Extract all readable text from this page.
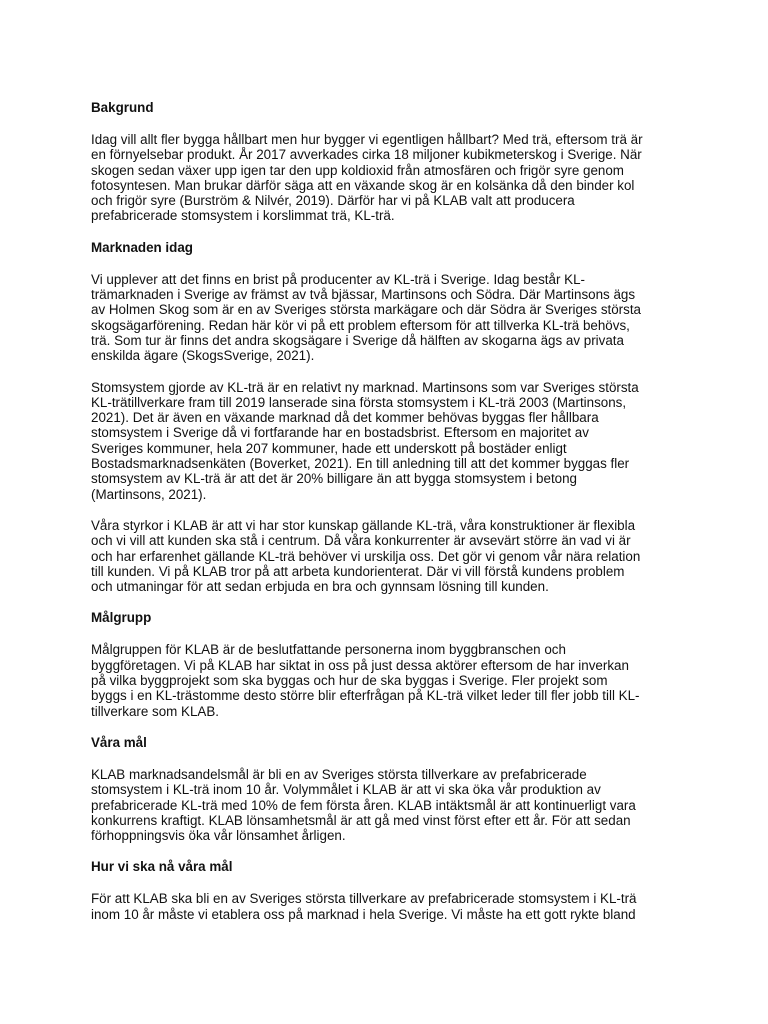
Bakgrund
Idag vill allt fler bygga hållbart men hur bygger vi egentligen hållbart? Med trä, eftersom trä är
en förnyelsebar produkt. År 2017 avverkades cirka 18 miljoner kubikmeterskog i Sverige. När
skogen sedan växer upp igen tar den upp koldioxid från atmosfären och frigör syre genom
fotosyntesen. Man brukar därför säga att en växande skog är en kolsänka då den binder kol
och frigör syre (Burström & Nilvér, 2019). Därför har vi på KLAB valt att producera
prefabricerade stomsystem i korslimmat trä, KL-trä.
Marknaden idag
Vi upplever att det finns en brist på producenter av KL-trä i Sverige. Idag består KL-
trämarknaden i Sverige av främst av två bjässar, Martinsons och Södra. Där Martinsons ägs
av Holmen Skog som är en av Sveriges största markägare och där Södra är Sveriges största
skogsägarförening. Redan här kör vi på ett problem eftersom för att tillverka KL-trä behövs,
trä. Som tur är finns det andra skogsägare i Sverige då hälften av skogarna ägs av privata
enskilda ägare (SkogsSverige, 2021).
Stomsystem gjorde av KL-trä är en relativt ny marknad. Martinsons som var Sveriges största
KL-trätillverkare fram till 2019 lanserade sina första stomsystem i KL-trä 2003 (Martinsons,
2021). Det är även en växande marknad då det kommer behövas byggas fler hållbara
stomsystem i Sverige då vi fortfarande har en bostadsbrist. Eftersom en majoritet av
Sveriges kommuner, hela 207 kommuner, hade ett underskott på bostäder enligt
Bostadsmarknadsenkäten (Boverket, 2021). En till anledning till att det kommer byggas fler
stomsystem av KL-trä är att det är 20% billigare än att bygga stomsystem i betong
(Martinsons, 2021).
Våra styrkor i KLAB är att vi har stor kunskap gällande KL-trä, våra konstruktioner är flexibla
och vi vill att kunden ska stå i centrum. Då våra konkurrenter är avsevärt större än vad vi är
och har erfarenhet gällande KL-trä behöver vi urskilja oss. Det gör vi genom vår nära relation
till kunden. Vi på KLAB tror på att arbeta kundorienterat. Där vi vill förstå kundens problem
och utmaningar för att sedan erbjuda en bra och gynnsam lösning till kunden.
Målgrupp
Målgruppen för KLAB är de beslutfattande personerna inom byggbranschen och
byggföretagen. Vi på KLAB har siktat in oss på just dessa aktörer eftersom de har inverkan
på vilka byggprojekt som ska byggas och hur de ska byggas i Sverige. Fler projekt som
byggs i en KL-trästomme desto större blir efterfrågan på KL-trä vilket leder till fler jobb till KL-
tillverkare som KLAB.
Våra mål
KLAB marknadsandelsmål är bli en av Sveriges största tillverkare av prefabricerade
stomsystem i KL-trä inom 10 år. Volymmålet i KLAB är att vi ska öka vår produktion av
prefabricerade KL-trä med 10% de fem första åren. KLAB intäktsmål är att kontinuerligt vara
konkurrens kraftigt. KLAB lönsamhetsmål är att gå med vinst först efter ett år. För att sedan
förhoppningsvis öka vår lönsamhet årligen.
Hur vi ska nå våra mål
För att KLAB ska bli en av Sveriges största tillverkare av prefabricerade stomsystem i KL-trä
inom 10 år måste vi etablera oss på marknad i hela Sverige. Vi måste ha ett gott rykte bland
